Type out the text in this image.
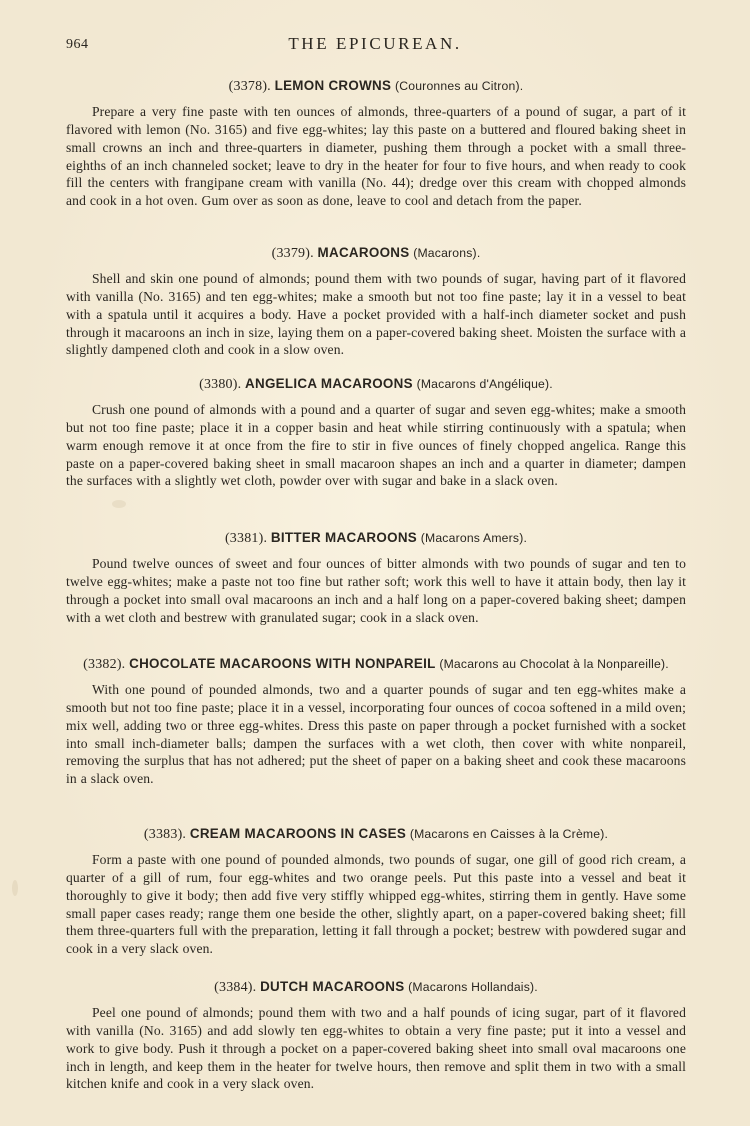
964	THE EPICUREAN.
(3378). LEMON CROWNS (Couronnes au Citron).

Prepare a very fine paste with ten ounces of almonds, three-quarters of a pound of sugar, a part of it flavored with lemon (No. 3165) and five egg-whites; lay this paste on a buttered and floured baking sheet in small crowns an inch and three-quarters in diameter, pushing them through a pocket with a small three-eighths of an inch channeled socket; leave to dry in the heater for four to five hours, and when ready to cook fill the centers with frangipane cream with vanilla (No. 44); dredge over this cream with chopped almonds and cook in a hot oven. Gum over as soon as done, leave to cool and detach from the paper.

(3379). MACAROONS (Macarons).

Shell and skin one pound of almonds; pound them with two pounds of sugar, having part of it flavored with vanilla (No. 3165) and ten egg-whites; make a smooth but not too fine paste; lay it in a vessel to beat with a spatula until it acquires a body. Have a pocket provided with a half-inch diameter socket and push through it macaroons an inch in size, laying them on a paper-covered baking sheet. Moisten the surface with a slightly dampened cloth and cook in a slow oven.

(3380). ANGELICA MACAROONS (Macarons d'Angélique).

Crush one pound of almonds with a pound and a quarter of sugar and seven egg-whites; make a smooth but not too fine paste; place it in a copper basin and heat while stirring continuously with a spatula; when warm enough remove it at once from the fire to stir in five ounces of finely chopped angelica. Range this paste on a paper-covered baking sheet in small macaroon shapes an inch and a quarter in diameter; dampen the surfaces with a slightly wet cloth, powder over with sugar and bake in a slack oven.

(3381). BITTER MACAROONS (Macarons Amers).

Pound twelve ounces of sweet and four ounces of bitter almonds with two pounds of sugar and ten to twelve egg-whites; make a paste not too fine but rather soft; work this well to have it attain body, then lay it through a pocket into small oval macaroons an inch and a half long on a paper-covered baking sheet; dampen with a wet cloth and bestrew with granulated sugar; cook in a slack oven.

(3382). CHOCOLATE MACAROONS WITH NONPAREIL (Macarons au Chocolat à la Nonpareille).

With one pound of pounded almonds, two and a quarter pounds of sugar and ten egg-whites make a smooth but not too fine paste; place it in a vessel, incorporating four ounces of cocoa softened in a mild oven; mix well, adding two or three egg-whites. Dress this paste on paper through a pocket furnished with a socket into small inch-diameter balls; dampen the surfaces with a wet cloth, then cover with white nonpareil, removing the surplus that has not adhered; put the sheet of paper on a baking sheet and cook these macaroons in a slack oven.

(3383). CREAM MACAROONS IN CASES (Macarons en Caisses à la Crème).

Form a paste with one pound of pounded almonds, two pounds of sugar, one gill of good rich cream, a quarter of a gill of rum, four egg-whites and two orange peels. Put this paste into a vessel and beat it thoroughly to give it body; then add five very stiffly whipped egg-whites, stirring them in gently. Have some small paper cases ready; range them one beside the other, slightly apart, on a paper-covered baking sheet; fill them three-quarters full with the preparation, letting it fall through a pocket; bestrew with powdered sugar and cook in a very slack oven.

(3384). DUTCH MACAROONS (Macarons Hollandais).

Peel one pound of almonds; pound them with two and a half pounds of icing sugar, part of it flavored with vanilla (No. 3165) and add slowly ten egg-whites to obtain a very fine paste; put it into a vessel and work to give body. Push it through a pocket on a paper-covered baking sheet into small oval macaroons one inch in length, and keep them in the heater for twelve hours, then remove and split them in two with a small kitchen knife and cook in a very slack oven.
